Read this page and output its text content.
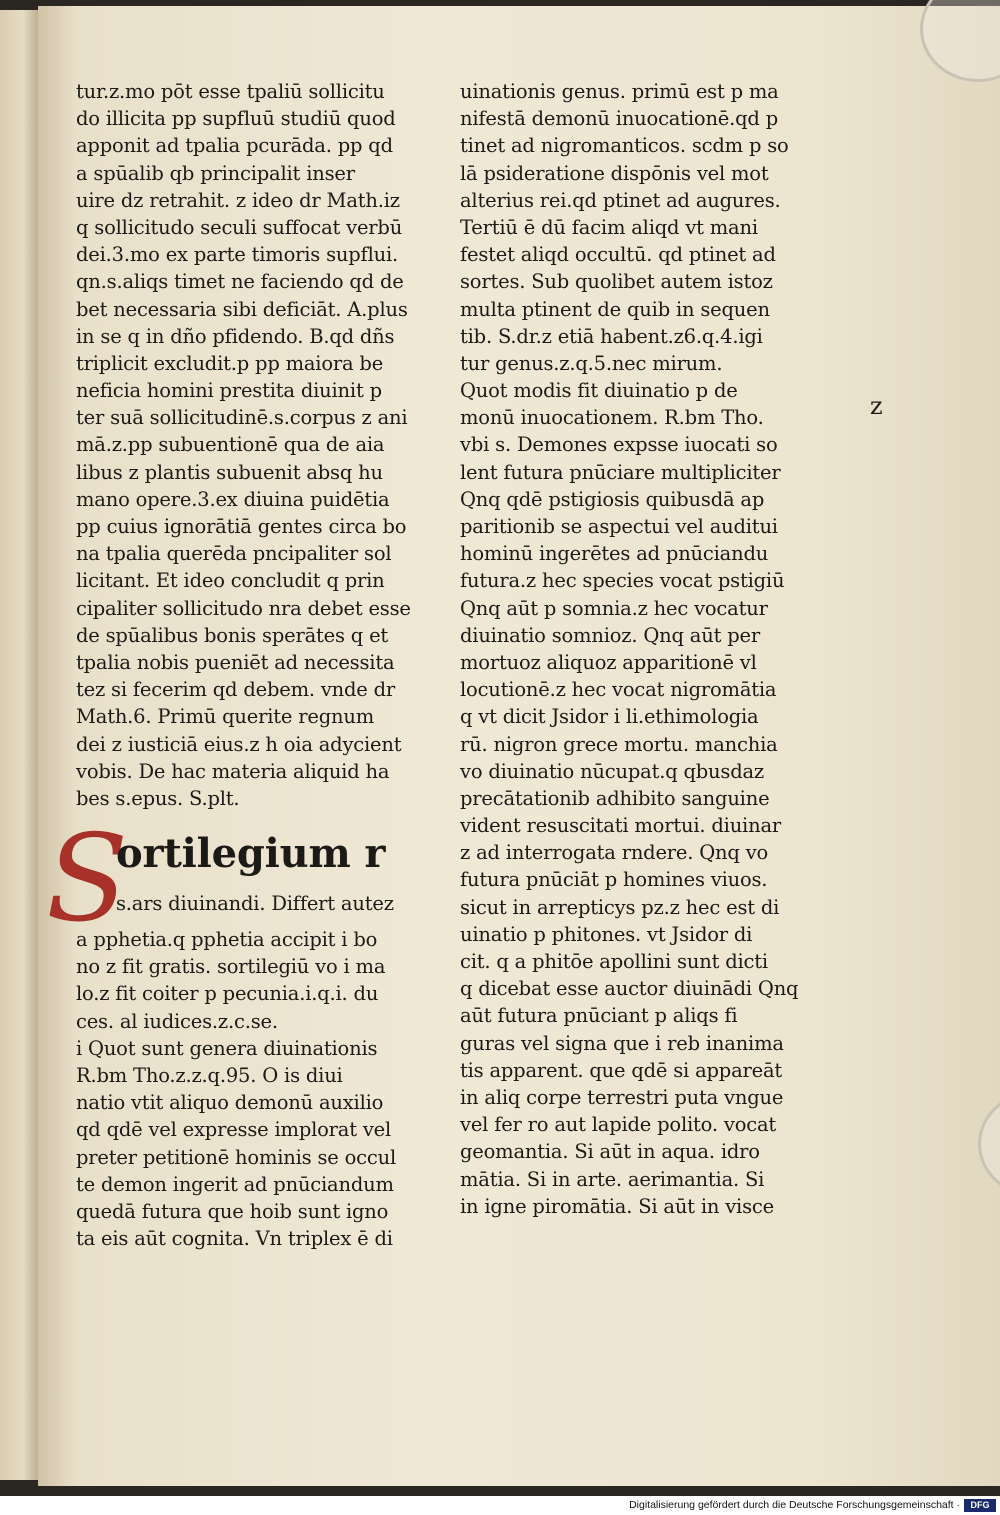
tur.z.mo pōt esse tpaliū sollicitu
do illicita pp supfluū studiū quod
apponit ad tpalia pcurāda. pp qd
a spūalib qb principalit inser
uire dz retrahit. z ideo dr Math.iz
q sollicitudo seculi suffocat verbū
dei.3.mo ex parte timoris supflui.
qn.s.aliqs timet ne faciendo qd de
bet necessaria sibi deficiāt. A.plus
in se q in dño pfidendo. B.qd dñs
triplicit excludit.p pp maiora be
neficia homini prestita diuinit p
ter suā sollicitudinē.s.corpus z ani
mā.z.pp subuentionē qua de aia
libus z plantis subuenit absq hu
mano opere.3.ex diuina puidētia
pp cuius ignorātiā gentes circa bo
na tpalia querēda pncipaliter sol
licitant. Et ideo concludit q prin
cipaliter sollicitudo nra debet esse
de spūalibus bonis sperātes q et
tpalia nobis pueniēt ad necessita
tez si fecerim qd debem. vnde dr
Math.6. Primū querite regnum
dei z iusticiā eius.z h oia adycient
vobis. De hac materia aliquid ha
bes s.epus. S.plt.
S
ortilegium r
s.ars diuinandi. Differt autez
a pphetia.q pphetia accipit i bo
no z fit gratis. sortilegiū vo i ma
lo.z fit coiter p pecunia.i.q.i. du
ces. al iudices.z.c.se.
i Quot sunt genera diuinationis
R.bm Tho.z.z.q.95. O is diui
natio vtit aliquo demonū auxilio
qd qdē vel expresse implorat vel
preter petitionē hominis se occul
te demon ingerit ad pnūciandum
quedā futura que hoib sunt igno
ta eis aūt cognita. Vn triplex ē di
uinationis genus. primū est p ma
nifestā demonū inuocationē.qd p
tinet ad nigromanticos. scdm p so
lā psideratione dispōnis vel mot
alterius rei.qd ptinet ad augures.
Tertiū ē dū facim aliqd vt mani
festet aliqd occultū. qd ptinet ad
sortes. Sub quolibet autem istoz
multa ptinent de quib in sequen
tib. S.dr.z etiā habent.z6.q.4.igi
tur genus.z.q.5.nec mirum.
Quot modis fit diuinatio p de
monū inuocationem. R.bm Tho.
vbi s. Demones expsse iuocati so
lent futura pnūciare multipliciter
Qnq qdē pstigiosis quibusdā ap
paritionib se aspectui vel auditui
hominū ingerētes ad pnūciandu
futura.z hec species vocat pstigiū
Qnq aūt p somnia.z hec vocatur
diuinatio somnioz. Qnq aūt per
mortuoz aliquoz apparitionē vl
locutionē.z hec vocat nigromātia
q vt dicit Jsidor i li.ethimologia
rū. nigron grece mortu. manchia
vo diuinatio nūcupat.q qbusdaz
precātationib adhibito sanguine
vident resuscitati mortui. diuinar
z ad interrogata rndere. Qnq vo
futura pnūciāt p homines viuos.
sicut in arrepticys pz.z hec est di
uinatio p phitones. vt Jsidor di
cit. q a phitōe apollini sunt dicti
q dicebat esse auctor diuinādi Qnq
aūt futura pnūciant p aliqs fi
guras vel signa que i reb inanima
tis apparent. que qdē si appareāt
in aliq corpe terrestri puta vngue
vel fer ro aut lapide polito. vocat
geomantia. Si aūt in aqua. idro
mātia. Si in arte. aerimantia. Si
in igne piromātia. Si aūt in visce
z
Digitalisierung gefördert durch die Deutsche Forschungsgemeinschaft ·	DFG
